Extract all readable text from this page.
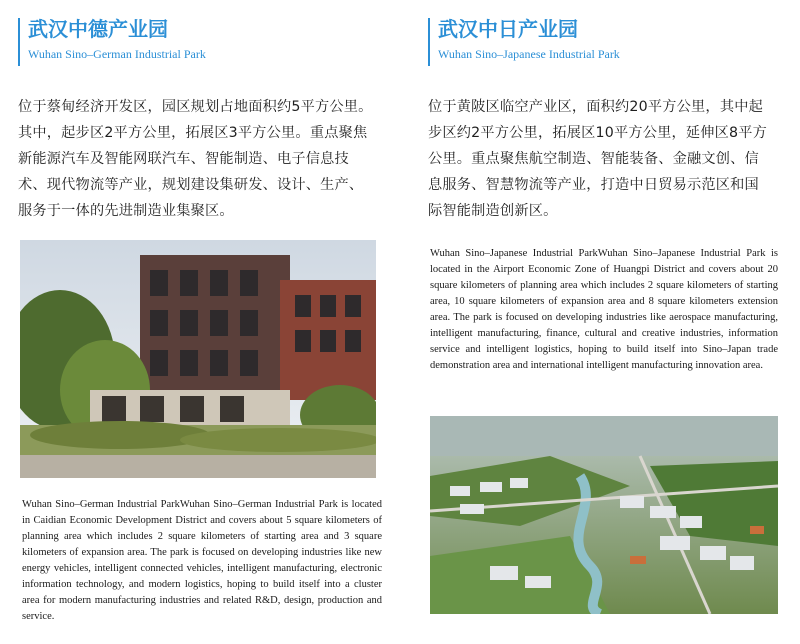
武汉中德产业园
Wuhan Sino–German Industrial Park
位于蔡甸经济开发区，园区规划占地面积约5平方公里。
其中，起步区2平方公里，拓展区3平方公里。重点聚焦
新能源汽车及智能网联汽车、智能制造、电子信息技
术、现代物流等产业，规划建设集研发、设计、生产、
服务于一体的先进制造业集聚区。
Wuhan Sino–German Industrial ParkWuhan Sino–German Industrial Park is located in Caidian Economic Development District and covers about 5 square kilometers of planning area which includes 2 square kilometers of starting area and 3 square kilometers of expansion area. The park is focused on developing industries like new energy vehicles, intelligent connected vehicles, intelligent manufacturing, electronic information technology, and modern logistics, hoping to build itself into a cluster area for modern manufacturing industries and related R&D, design, production and service.
武汉中日产业园
Wuhan Sino–Japanese Industrial Park
位于黄陂区临空产业区，面积约20平方公里，其中起
步区约2平方公里，拓展区10平方公里，延伸区8平方
公里。重点聚焦航空制造、智能装备、金融文创、信
息服务、智慧物流等产业，打造中日贸易示范区和国
际智能制造创新区。
Wuhan Sino–Japanese Industrial ParkWuhan Sino–Japanese Industrial Park is located in the Airport Economic Zone of Huangpi District and covers about 20 square kilometers of planning area which includes 2 square kilometers of starting area, 10 square kilometers of expansion area and 8 square kilometers extension area. The park is focused on developing industries like aerospace manufacturing, intelligent manufacturing, finance, cultural and creative industries, information service and intelligent logistics, hoping to build itself into Sino–Japan trade demonstration area and international intelligent manufacturing innovation area.
